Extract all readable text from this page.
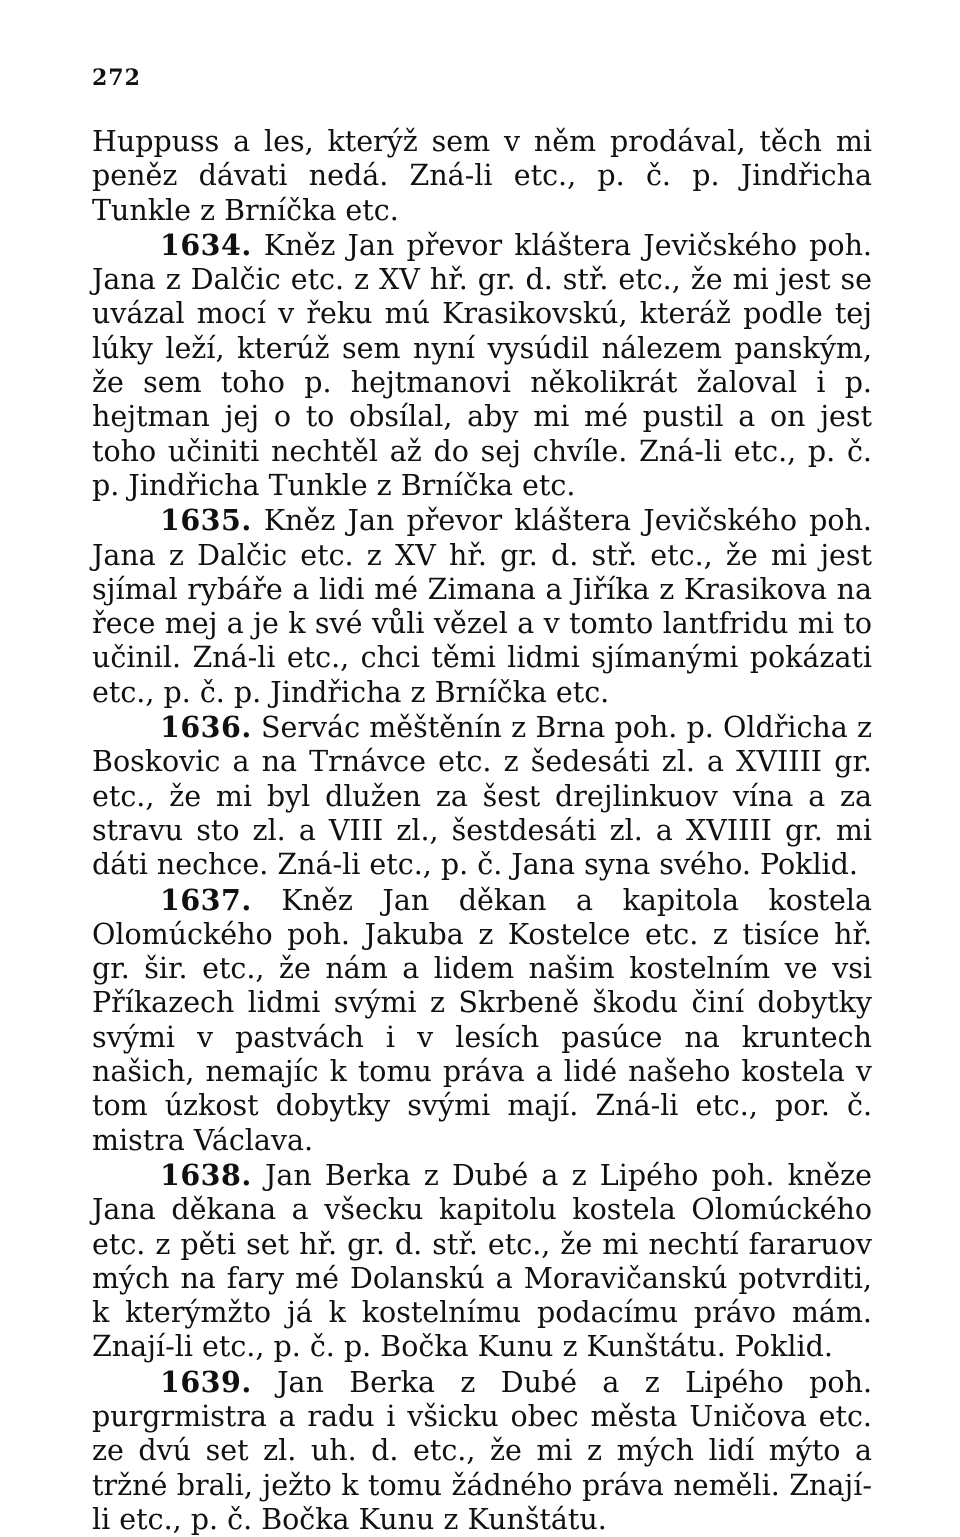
272

Huppuss a les, kterýž sem v něm prodával, těch mi peněz dávati nedá. Zná-li etc., p. č. p. Jindřicha Tunkle z Brníčka etc.

1634. Kněz Jan převor kláštera Jevičského poh. Jana z Dalčic etc. z XV hř. gr. d. stř. etc., že mi jest se uvázal mocí v řeku mú Krasikovskú, kteráž podle tej lúky leží, kterúž sem nyní vysúdil nálezem panským, že sem toho p. hejtmanovi několikrát žaloval i p. hejtman jej o to obsílal, aby mi mé pustil a on jest toho učiniti nechtěl až do sej chvíle. Zná-li etc., p. č. p. Jindřicha Tunkle z Brníčka etc.

1635. Kněz Jan převor kláštera Jevičského poh. Jana z Dalčic etc. z XV hř. gr. d. stř. etc., že mi jest sjímal rybáře a lidi mé Zimana a Jiříka z Krasikova na řece mej a je k své vůli vězel a v tomto lantfridu mi to učinil. Zná-li etc., chci těmi lidmi sjímanými pokázati etc., p. č. p. Jindřicha z Brníčka etc.

1636. Servác měštěnín z Brna poh. p. Oldřicha z Boskovic a na Trnávce etc. z šedesáti zl. a XVIIII gr. etc., že mi byl dlužen za šest drejlinkuov vína a za stravu sto zl. a VIII zl., šestdesáti zl. a XVIIII gr. mi dáti nechce. Zná-li etc., p. č. Jana syna svého. Poklid.

1637. Kněz Jan děkan a kapitola kostela Olomúckého poh. Jakuba z Kostelce etc. z tisíce hř. gr. šir. etc., že nám a lidem našim kostelním ve vsi Příkazech lidmi svými z Skrbeně škodu činí dobytky svými v pastvách i v lesích pasúce na kruntech našich, nemajíc k tomu práva a lidé našeho kostela v tom úzkost dobytky svými mají. Zná-li etc., por. č. mistra Václava.

1638. Jan Berka z Dubé a z Lipého poh. kněze Jana děkana a všecku kapitolu kostela Olomúckého etc. z pěti set hř. gr. d. stř. etc., že mi nechtí fararuov mých na fary mé Dolanskú a Moravičanskú potvrditi, k kterýmžto já k kostelnímu podacímu právo mám. Znají-li etc., p. č. p. Bočka Kunu z Kunštátu. Poklid.

1639. Jan Berka z Dubé a z Lipého poh. purgrmistra a radu i všicku obec města Uničova etc. ze dvú set zl. uh. d. etc., že mi z mých lidí mýto a tržné brali, ježto k tomu žádného práva neměli. Znají-li etc., p. č. Bočka Kunu z Kunštátu.
